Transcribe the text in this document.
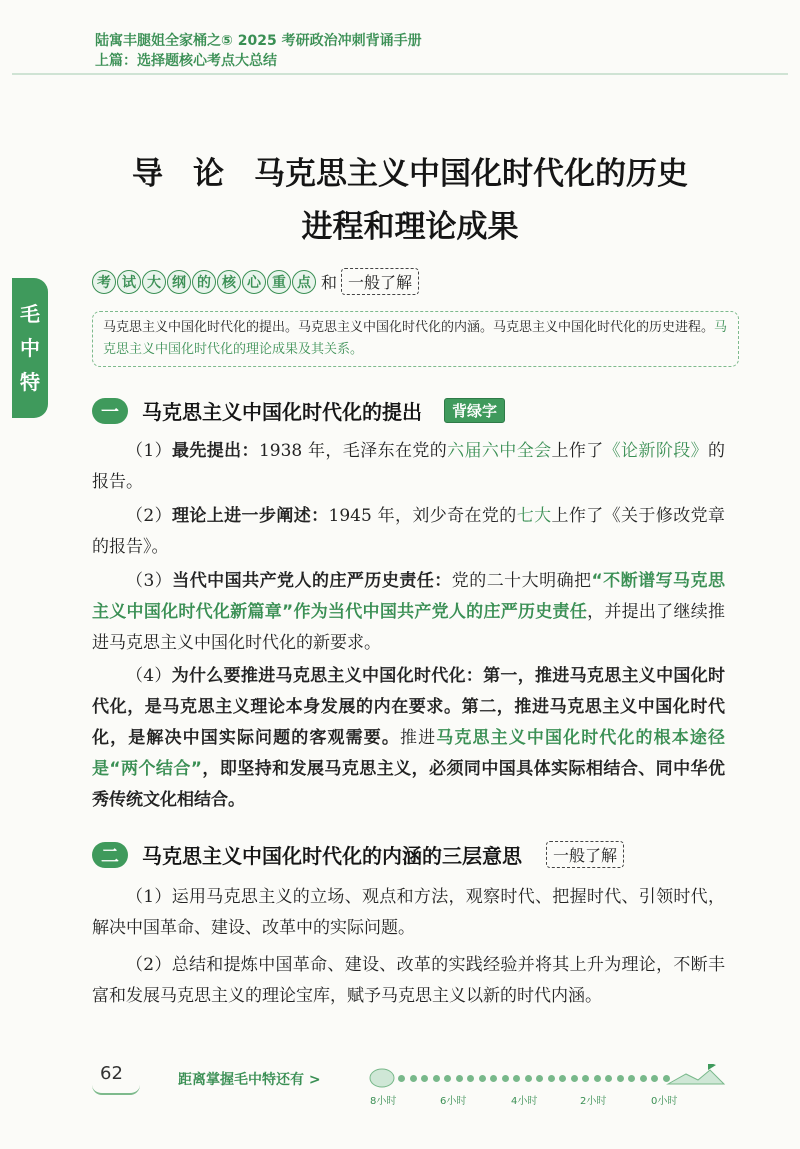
陆寓丰腿姐全家桶之⑤ 2025 考研政治冲刺背诵手册
上篇：选择题核心考点大总结
毛
中
特
导论马克思主义中国化时代化的历史
进程和理论成果
考 试 大 纲 的 核 心 重 点 和 一般了解
马克思主义中国化时代化的提出。马克思主义中国化时代化的内涵。马克思主义中国化时代化的历史进程。马克思主义中国化时代化的理论成果及其关系。
一	马克思主义中国化时代化的提出	背绿字
（1）最先提出：1938 年，毛泽东在党的六届六中全会上作了《论新阶段》的报告。
（2）理论上进一步阐述：1945 年，刘少奇在党的七大上作了《关于修改党章的报告》。
（3）当代中国共产党人的庄严历史责任：党的二十大明确把“不断谱写马克思主义中国化时代化新篇章”作为当代中国共产党人的庄严历史责任，并提出了继续推进马克思主义中国化时代化的新要求。
（4）为什么要推进马克思主义中国化时代化：第一，推进马克思主义中国化时代化，是马克思主义理论本身发展的内在要求。第二，推进马克思主义中国化时代化，是解决中国实际问题的客观需要。推进马克思主义中国化时代化的根本途径是“两个结合”，即坚持和发展马克思主义，必须同中国具体实际相结合、同中华优秀传统文化相结合。
二	马克思主义中国化时代化的内涵的三层意思	一般了解
（1）运用马克思主义的立场、观点和方法，观察时代、把握时代、引领时代，解决中国革命、建设、改革中的实际问题。
（2）总结和提炼中国革命、建设、改革的实践经验并将其上升为理论，不断丰富和发展马克思主义的理论宝库，赋予马克思主义以新的时代内涵。
62	距离掌握毛中特还有 >
8小时	6小时	4小时	2小时	0小时
